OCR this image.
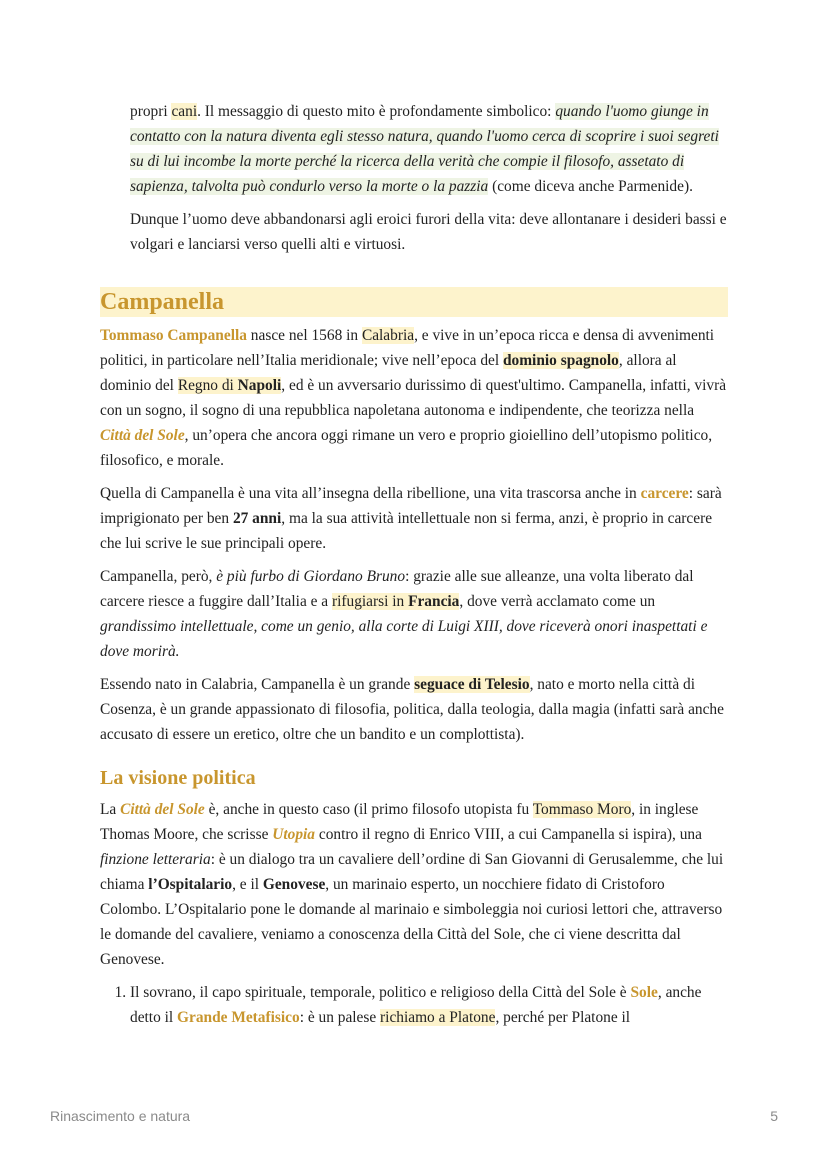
propri cani. Il messaggio di questo mito è profondamente simbolico: quando l'uomo giunge in contatto con la natura diventa egli stesso natura, quando l'uomo cerca di scoprire i suoi segreti su di lui incombe la morte perché la ricerca della verità che compie il filosofo, assetato di sapienza, talvolta può condurlo verso la morte o la pazzia (come diceva anche Parmenide).

Dunque l’uomo deve abbandonarsi agli eroici furori della vita: deve allontanare i desideri bassi e volgari e lanciarsi verso quelli alti e virtuosi.

Campanella

Tommaso Campanella nasce nel 1568 in Calabria, e vive in un’epoca ricca e densa di avvenimenti politici, in particolare nell’Italia meridionale; vive nell’epoca del dominio spagnolo, allora al dominio del Regno di Napoli, ed è un avversario durissimo di quest'ultimo. Campanella, infatti, vivrà con un sogno, il sogno di una repubblica napoletana autonoma e indipendente, che teorizza nella Città del Sole, un’opera che ancora oggi rimane un vero e proprio gioiellino dell’utopismo politico, filosofico, e morale.

Quella di Campanella è una vita all’insegna della ribellione, una vita trascorsa anche in carcere: sarà imprigionato per ben 27 anni, ma la sua attività intellettuale non si ferma, anzi, è proprio in carcere che lui scrive le sue principali opere.

Campanella, però, è più furbo di Giordano Bruno: grazie alle sue alleanze, una volta liberato dal carcere riesce a fuggire dall’Italia e a rifugiarsi in Francia, dove verrà acclamato come un grandissimo intellettuale, come un genio, alla corte di Luigi XIII, dove riceverà onori inaspettati e dove morirà.

Essendo nato in Calabria, Campanella è un grande seguace di Telesio, nato e morto nella città di Cosenza, è un grande appassionato di filosofia, politica, dalla teologia, dalla magia (infatti sarà anche accusato di essere un eretico, oltre che un bandito e un complottista).

La visione politica

La Città del Sole è, anche in questo caso (il primo filosofo utopista fu Tommaso Moro, in inglese Thomas Moore, che scrisse Utopia contro il regno di Enrico VIII, a cui Campanella si ispira), una finzione letteraria: è un dialogo tra un cavaliere dell’ordine di San Giovanni di Gerusalemme, che lui chiama l’Ospitalario, e il Genovese, un marinaio esperto, un nocchiere fidato di Cristoforo Colombo. L’Ospitalario pone le domande al marinaio e simboleggia noi curiosi lettori che, attraverso le domande del cavaliere, veniamo a conoscenza della Città del Sole, che ci viene descritta dal Genovese.

1. Il sovrano, il capo spirituale, temporale, politico e religioso della Città del Sole è Sole, anche detto il Grande Metafisico: è un palese richiamo a Platone, perché per Platone il
Rinascimento e natura	5
